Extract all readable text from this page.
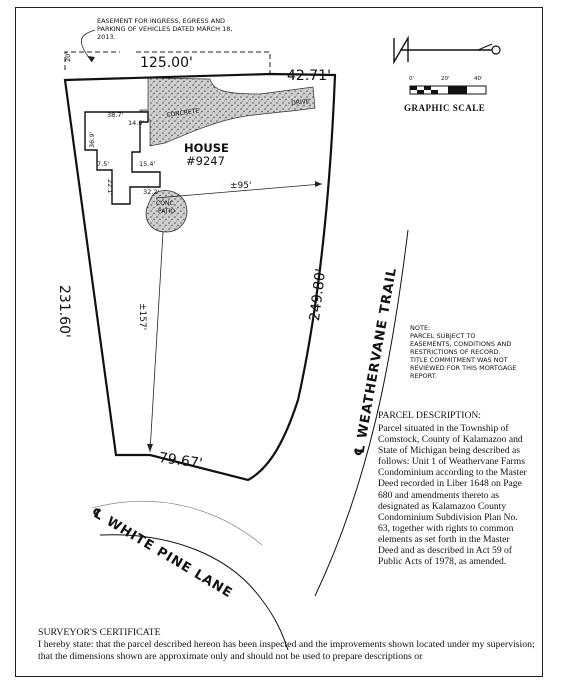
EASEMENT FOR INGRESS, EGRESS AND
PARKING OF VEHICLES DATED MARCH 18,
2013.
20'	125.00'
42.71'
231.60'	249.80'
79.67'
±95'
±157'
HOUSE
#9247
38.7'
14.6'
36.9'
15.4'
7.5'
22.1'	32.2'
CONCRETE
DRIVE
CONC.
PATIO
0'	20'	40'
GRAPHIC SCALE
NOTE:
PARCEL SUBJECT TO
EASEMENTS, CONDITIONS AND
RESTRICTIONS OF RECORD.
TITLE COMMITMENT WAS NOT
REVIEWED FOR THIS MORTGAGE
REPORT.
℄ WEATHERVANE TRAIL
℄ WHITE PINE LANE
PARCEL DESCRIPTION:
Parcel situated in the Township of Comstock, County of Kalamazoo and State of Michigan being described as follows: Unit 1 of Weathervane Farms Condominium according to the Master Deed recorded in Liber 1648 on Page 680 and amendments thereto as designated as Kalamazoo County Condominium Subdivision Plan No. 63, together with rights to common elements as set forth in the Master Deed and as described in Act 59 of Public Acts of 1978, as amended.
SURVEYOR'S CERTIFICATE
I hereby state: that the parcel described hereon has been inspected and the improvements shown located under my supervision; that the dimensions shown are approximate only and should not be used to prepare descriptions or
